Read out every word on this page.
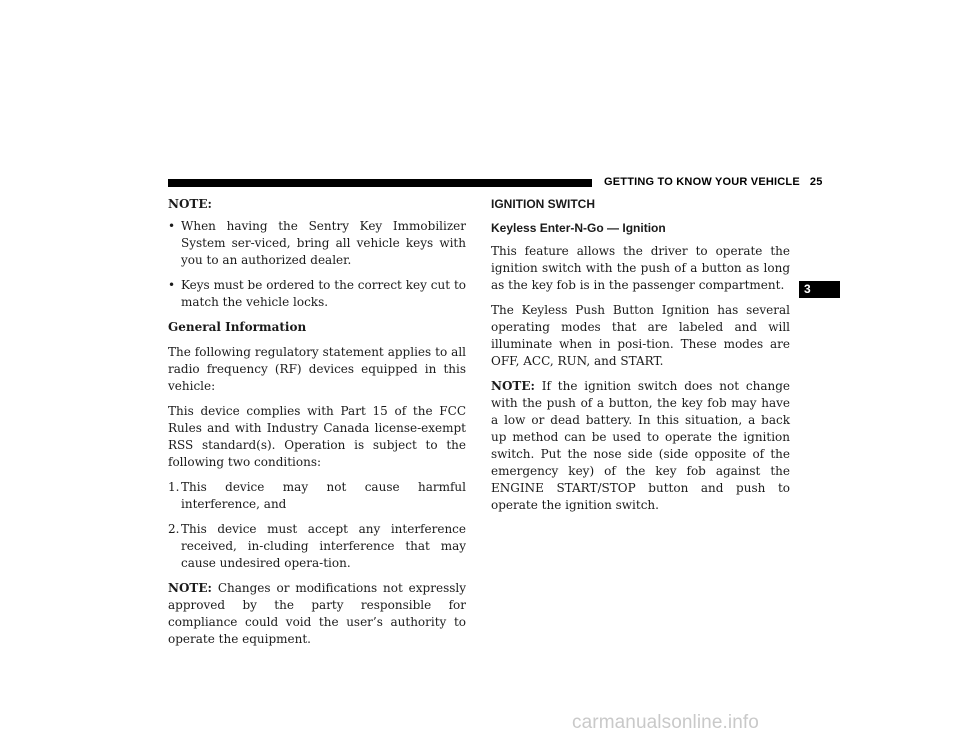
GETTING TO KNOW YOUR VEHICLE 25
3

NOTE:

• When having the Sentry Key Immobilizer System ser-viced, bring all vehicle keys with you to an authorized dealer.
• Keys must be ordered to the correct key cut to match the vehicle locks.

General Information

The following regulatory statement applies to all radio frequency (RF) devices equipped in this vehicle:

This device complies with Part 15 of the FCC Rules and with Industry Canada license-exempt RSS standard(s). Operation is subject to the following two conditions:

1. This device may not cause harmful interference, and
2. This device must accept any interference received, in-cluding interference that may cause undesired opera-tion.

NOTE: Changes or modifications not expressly approved by the party responsible for compliance could void the user’s authority to operate the equipment.

IGNITION SWITCH
Keyless Enter-N-Go — Ignition

This feature allows the driver to operate the ignition switch with the push of a button as long as the key fob is in the passenger compartment.

The Keyless Push Button Ignition has several operating modes that are labeled and will illuminate when in posi-tion. These modes are OFF, ACC, RUN, and START.

NOTE: If the ignition switch does not change with the push of a button, the key fob may have a low or dead battery. In this situation, a back up method can be used to operate the ignition switch. Put the nose side (side opposite of the emergency key) of the key fob against the ENGINE START/STOP button and push to operate the ignition switch.

carmanualsonline.info
